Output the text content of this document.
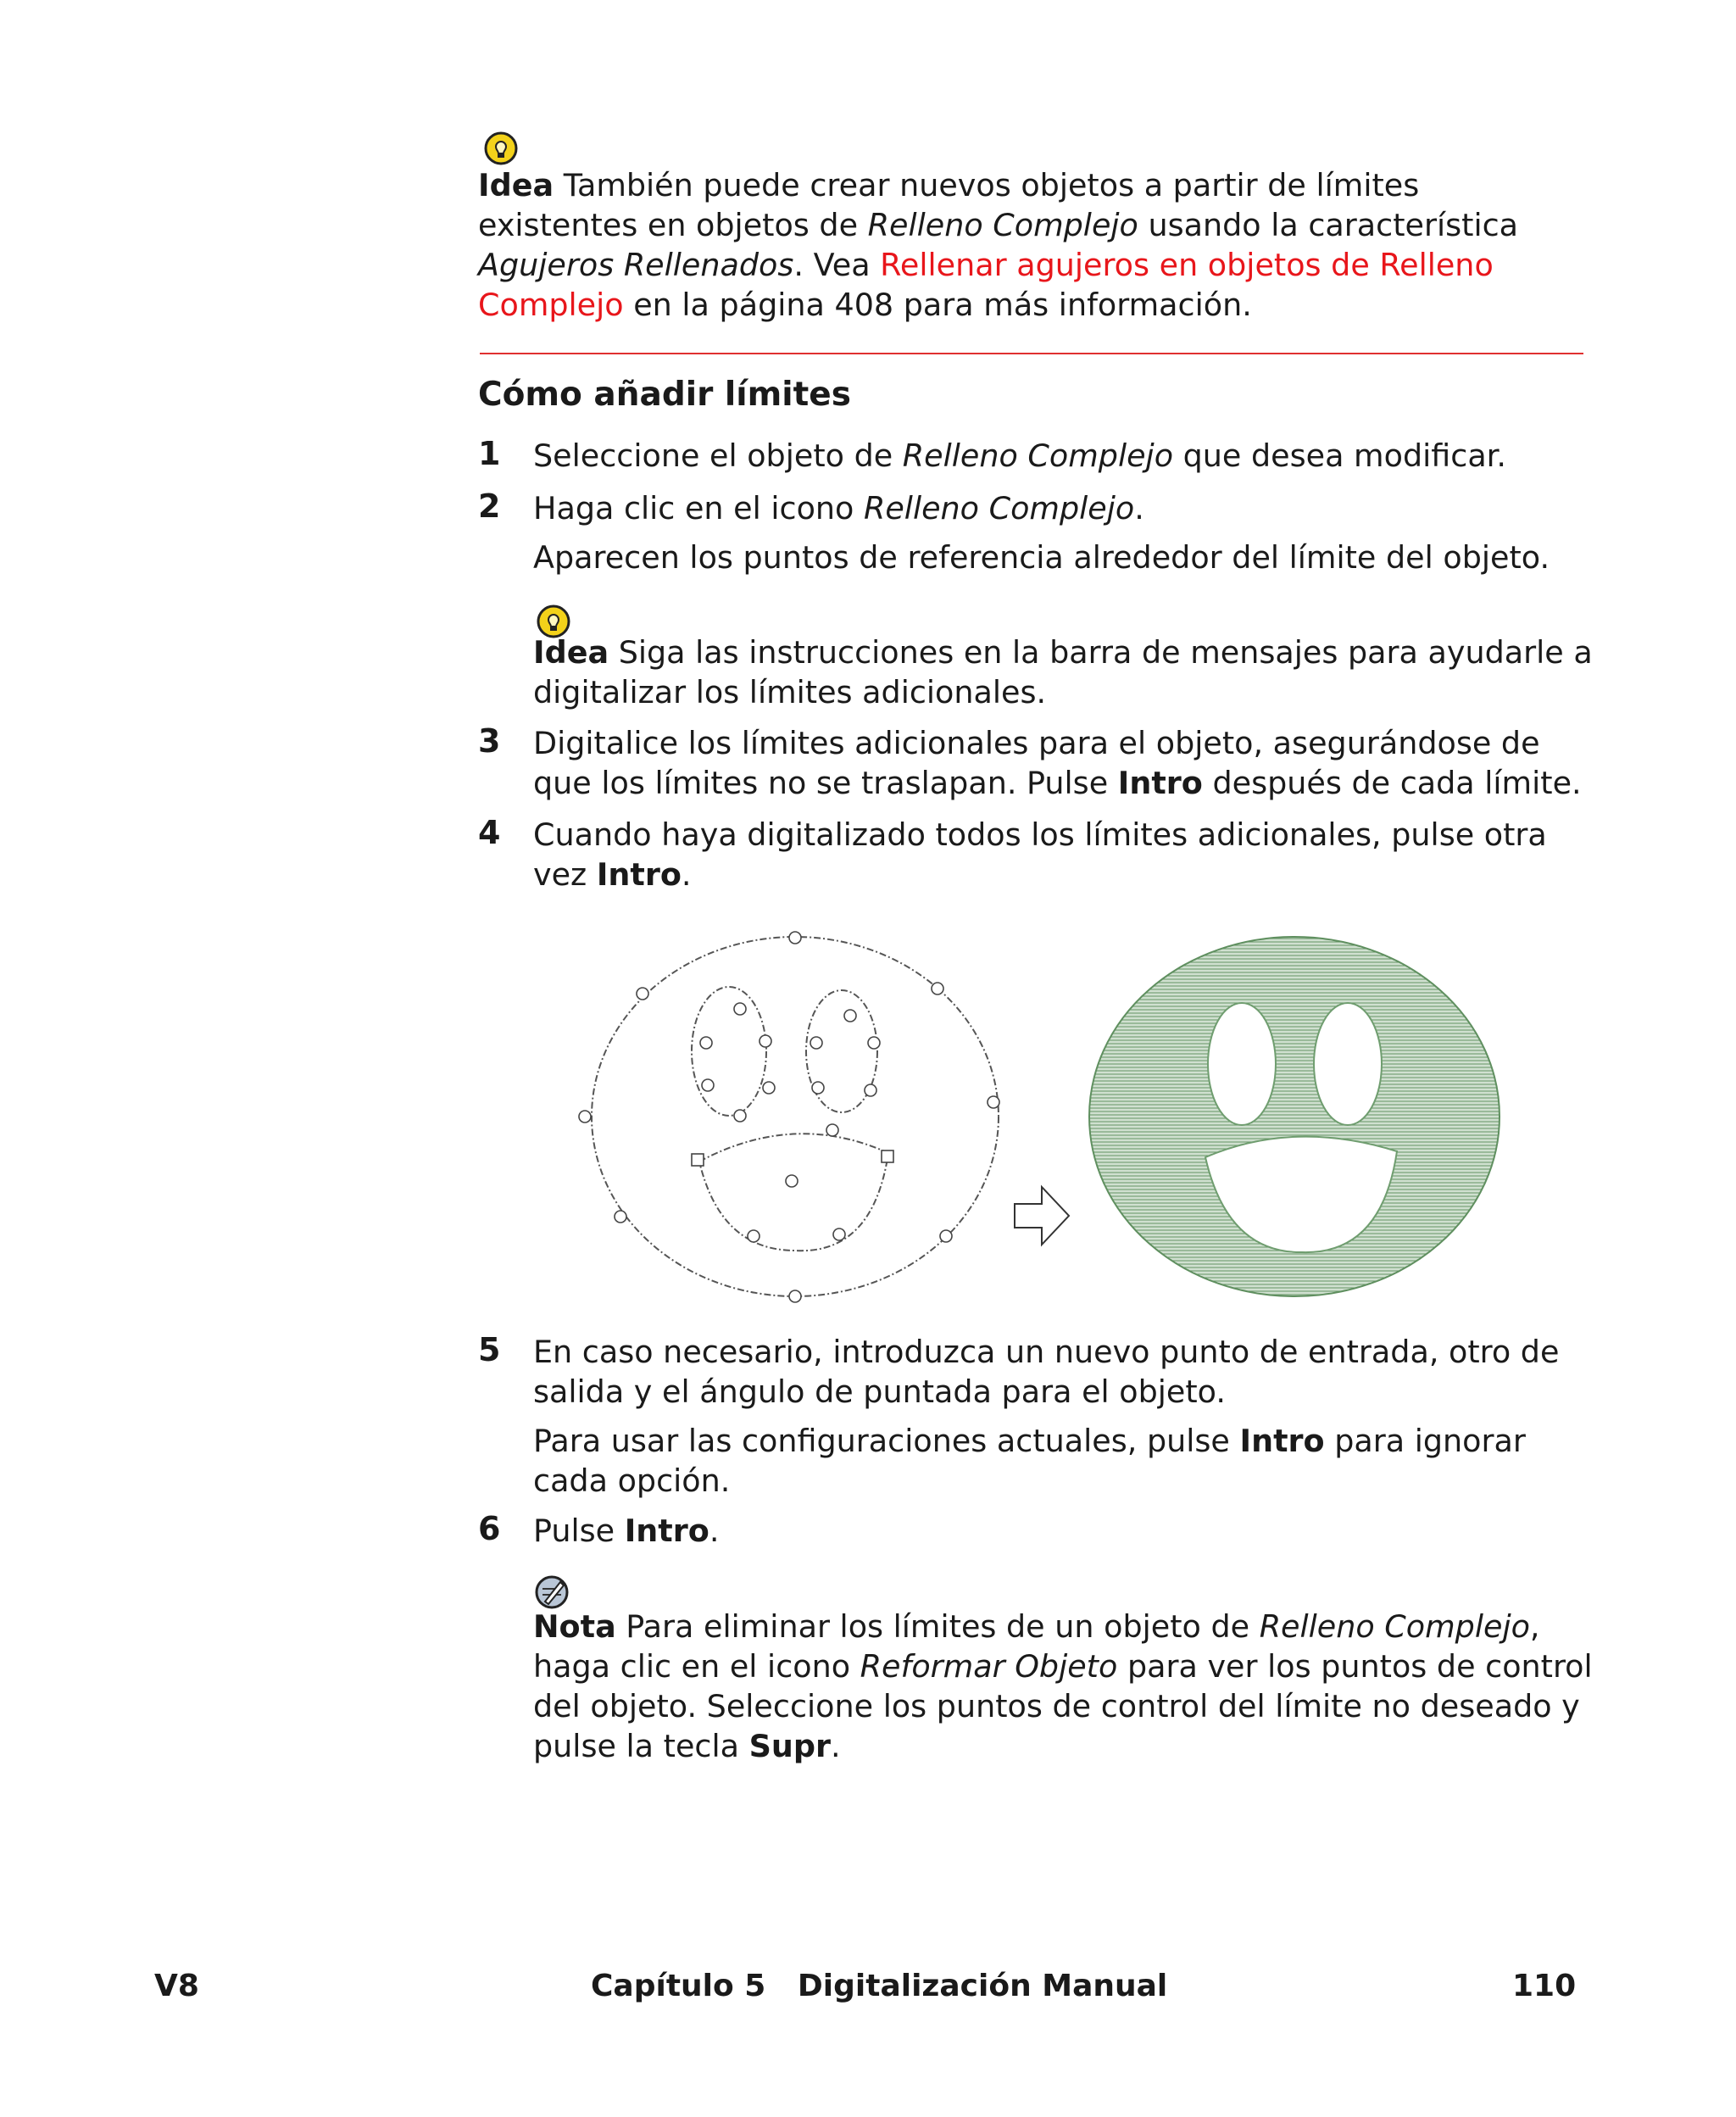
Idea También puede crear nuevos objetos a partir de límites existentes en objetos de Relleno Complejo usando la característica Agujeros Rellenados. Vea Rellenar agujeros en objetos de Relleno Complejo en la página 408 para más información.

Cómo añadir límites
1 Seleccione el objeto de Relleno Complejo que desea modificar.

2 Haga clic en el icono Relleno Complejo.

Aparecen los puntos de referencia alrededor del límite del objeto.

Idea Siga las instrucciones en la barra de mensajes para ayudarle a digitalizar los límites adicionales.

3 Digitalice los límites adicionales para el objeto, asegurándose de que los límites no se traslapan. Pulse Intro después de cada límite.

4 Cuando haya digitalizado todos los límites adicionales, pulse otra vez Intro.

5 En caso necesario, introduzca un nuevo punto de entrada, otro de salida y el ángulo de puntada para el objeto.

Para usar las configuraciones actuales, pulse Intro para ignorar cada opción.

6 Pulse Intro.

Nota Para eliminar los límites de un objeto de Relleno Complejo, haga clic en el icono Reformar Objeto para ver los puntos de control del objeto. Seleccione los puntos de control del límite no deseado y pulse la tecla Supr.

V8	Capítulo 5   Digitalización Manual	110
